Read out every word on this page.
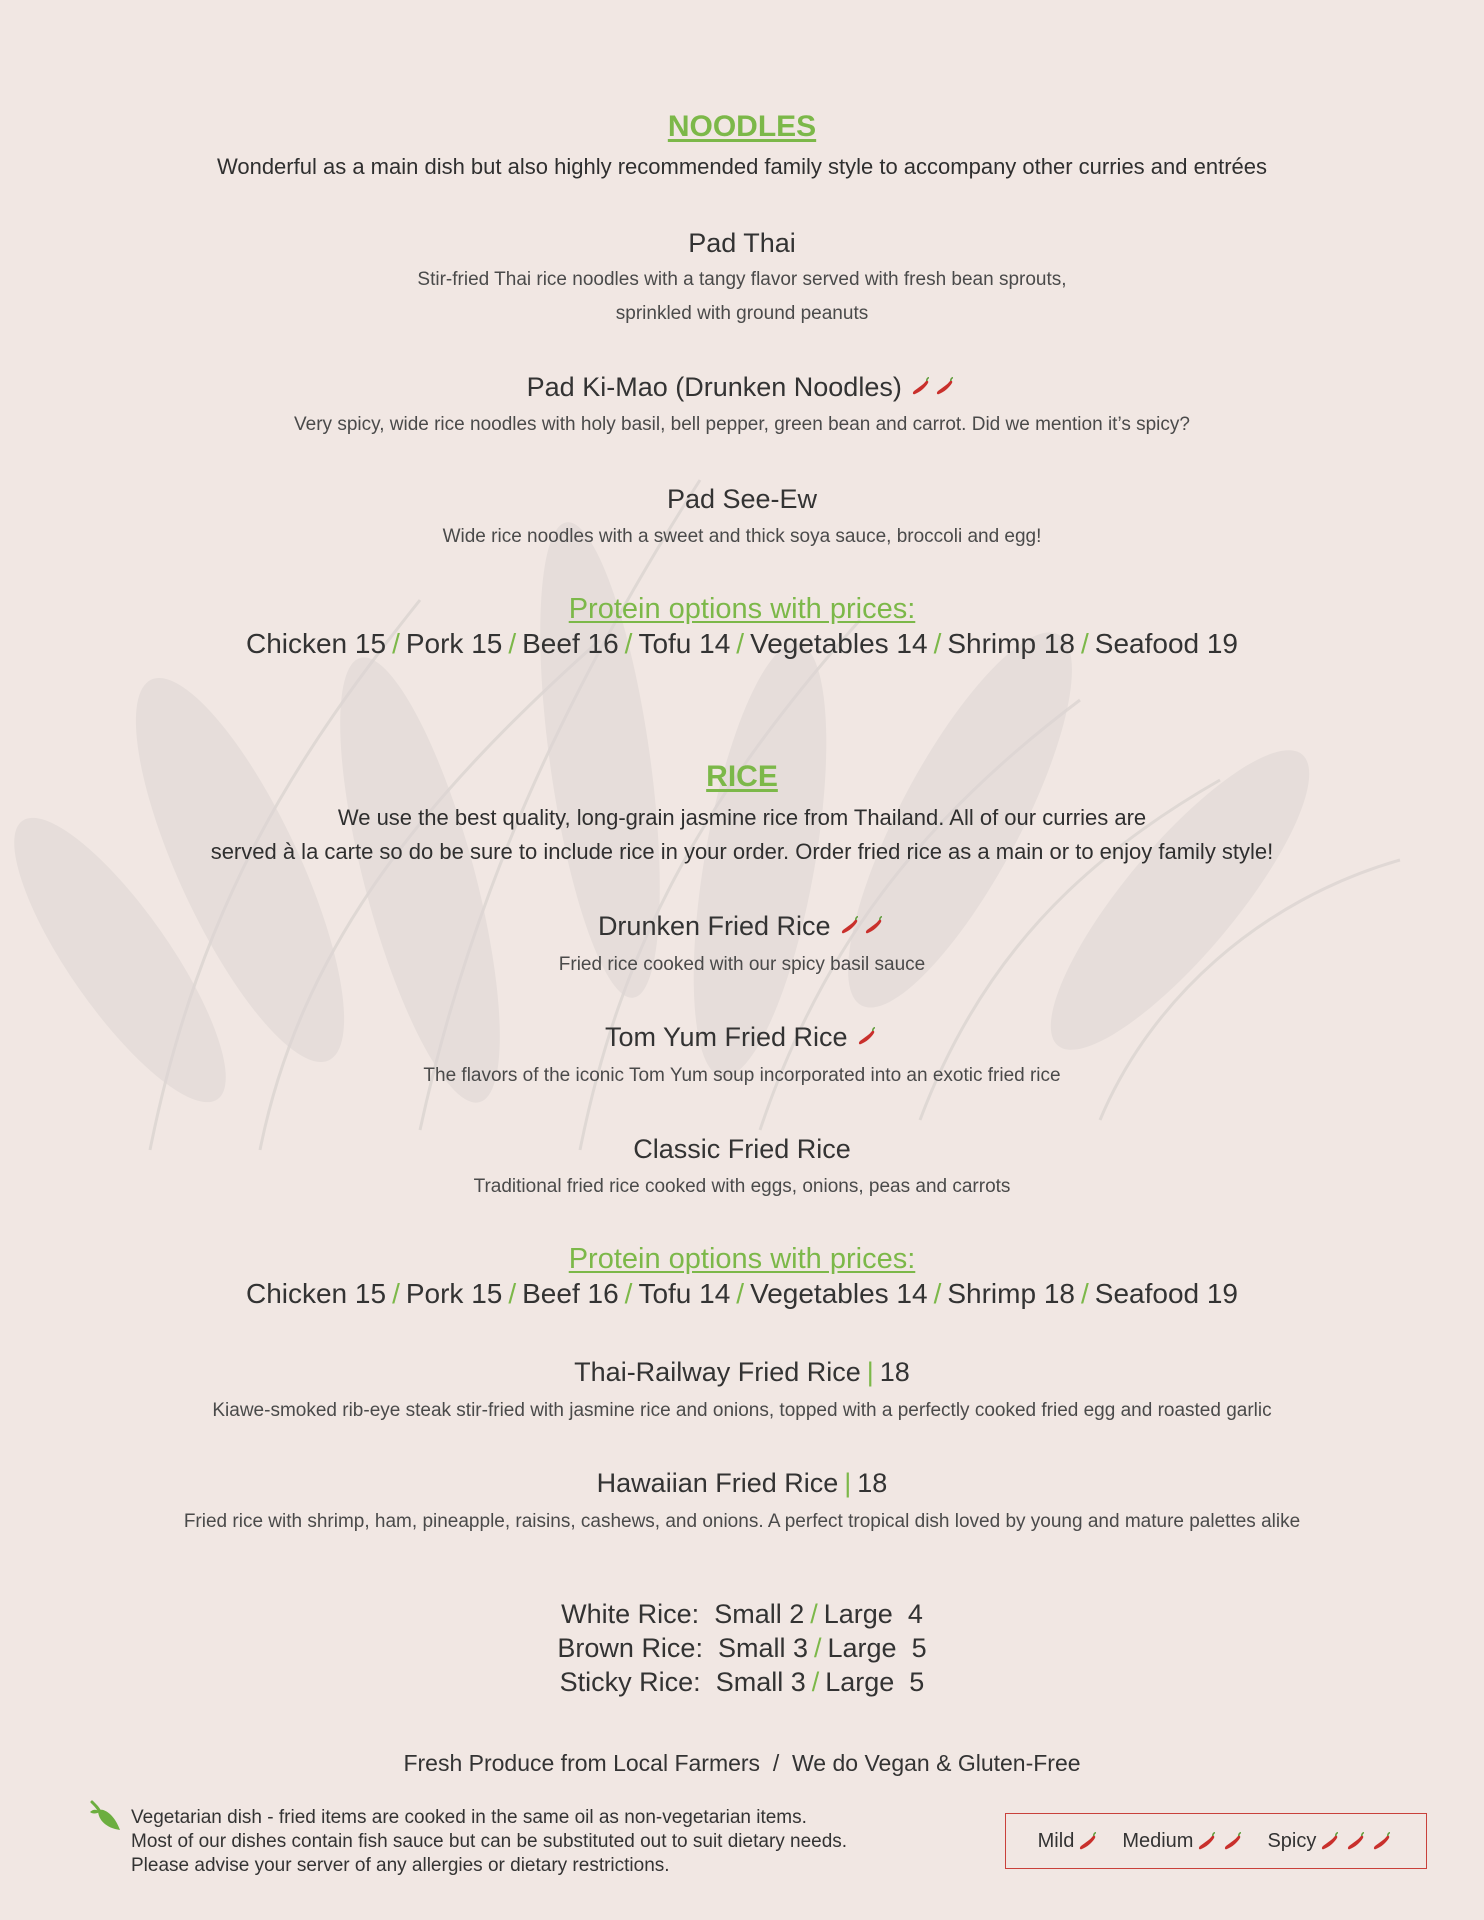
NOODLES
Wonderful as a main dish but also highly recommended family style to accompany other curries and entrées
Pad Thai
Stir-fried Thai rice noodles with a tangy flavor served with fresh bean sprouts,
sprinkled with ground peanuts
Pad Ki-Mao (Drunken Noodles)
Very spicy, wide rice noodles with holy basil, bell pepper, green bean and carrot. Did we mention it’s spicy?
Pad See-Ew
Wide rice noodles with a sweet and thick soya sauce, broccoli and egg!
Protein options with prices:
Chicken 15 / Pork 15 / Beef 16 / Tofu 14 / Vegetables 14 / Shrimp 18 / Seafood 19
RICE
We use the best quality, long-grain jasmine rice from Thailand. All of our curries are
served à la carte so do be sure to include rice in your order. Order fried rice as a main or to enjoy family style!
Drunken Fried Rice
Fried rice cooked with our spicy basil sauce
Tom Yum Fried Rice
The flavors of the iconic Tom Yum soup incorporated into an exotic fried rice
Classic Fried Rice
Traditional fried rice cooked with eggs, onions, peas and carrots
Protein options with prices:
Chicken 15 / Pork 15 / Beef 16 / Tofu 14 / Vegetables 14 / Shrimp 18 / Seafood 19
Thai-Railway Fried Rice | 18
Kiawe-smoked rib-eye steak stir-fried with jasmine rice and onions, topped with a perfectly cooked fried egg and roasted garlic
Hawaiian Fried Rice | 18
Fried rice with shrimp, ham, pineapple, raisins, cashews, and onions. A perfect tropical dish loved by young and mature palettes alike
White Rice: Small 2 / Large  4
Brown Rice: Small 3 / Large  5
Sticky Rice: Small 3 / Large  5
Fresh Produce from Local Farmers / We do Vegan & Gluten-Free
Vegetarian dish - fried items are cooked in the same oil as non-vegetarian items.
Most of our dishes contain fish sauce but can be substituted out to suit dietary needs.
Please advise your server of any allergies or dietary restrictions.
Mild Medium	Spicy
